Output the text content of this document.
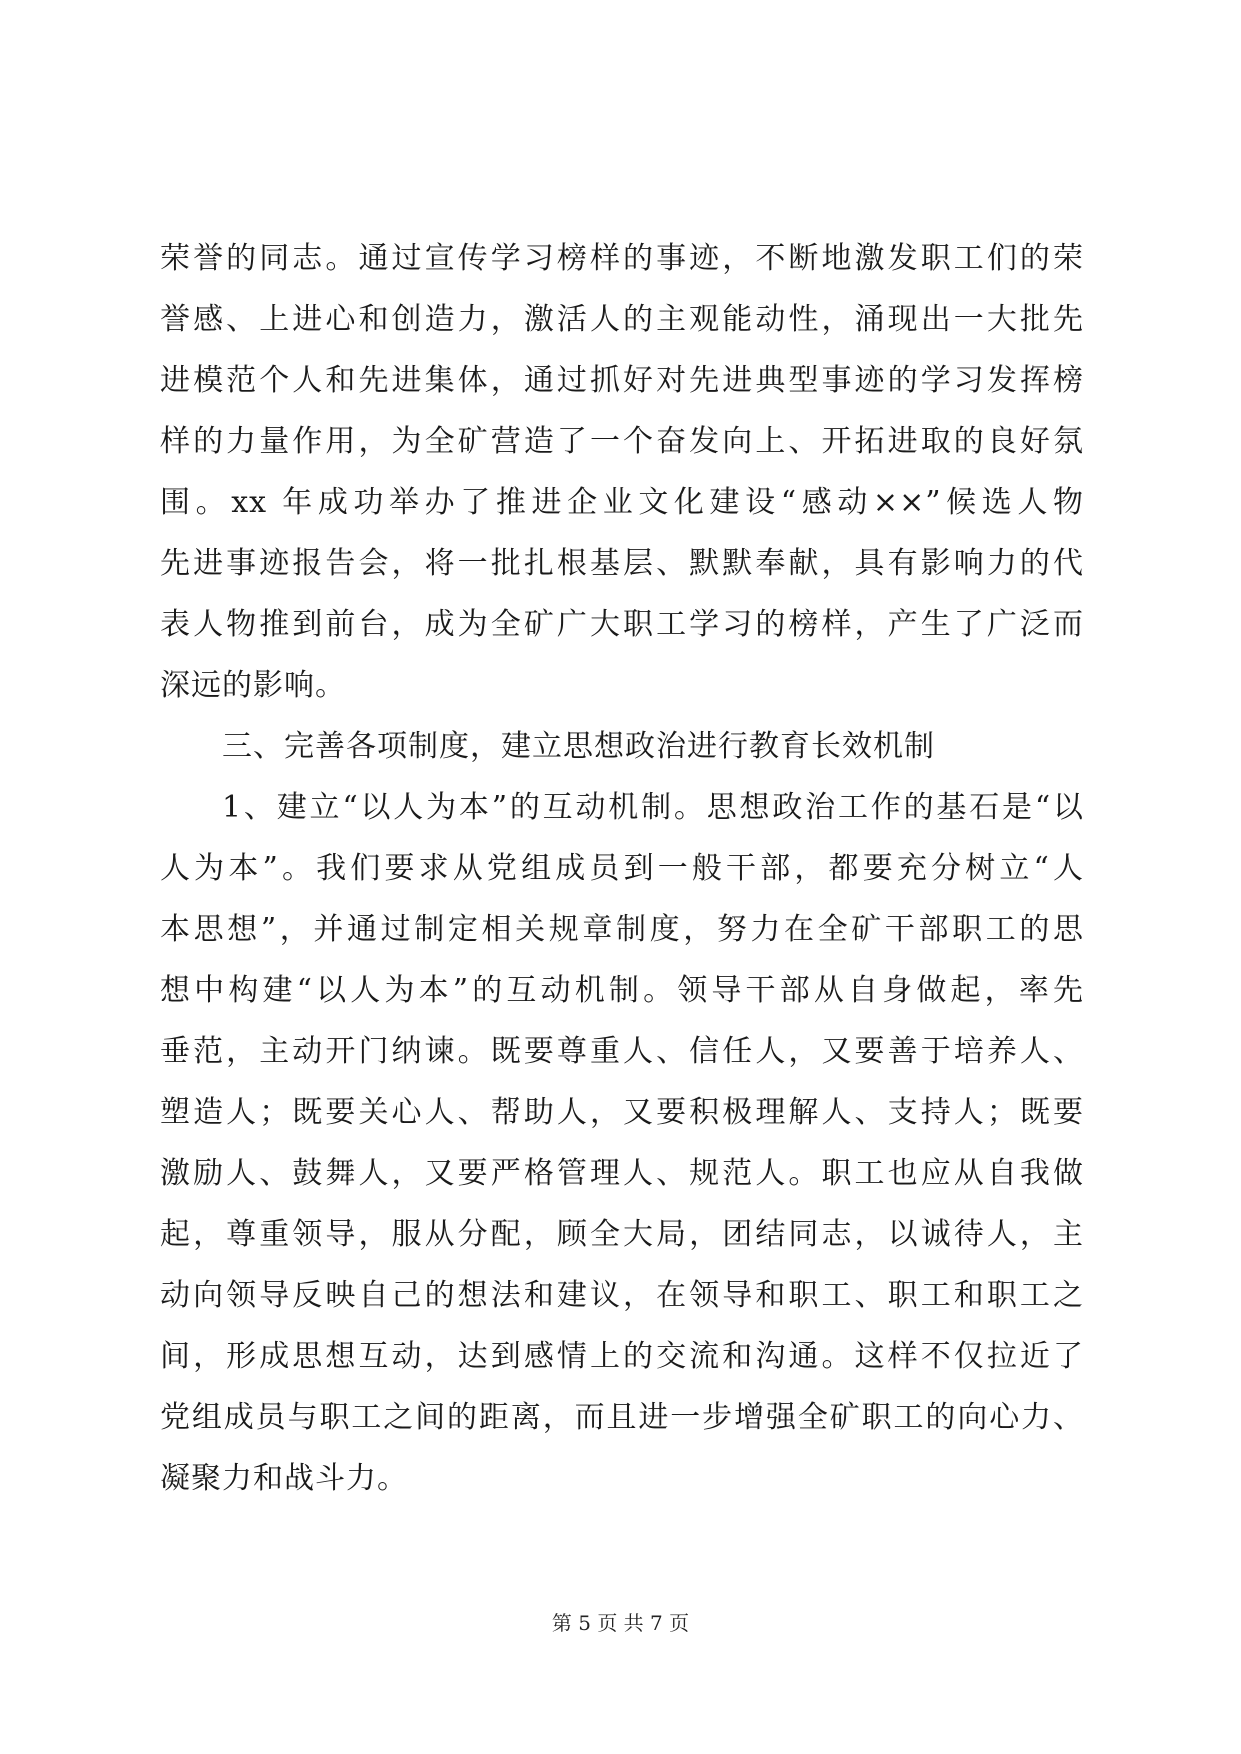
荣誉的同志。通过宣传学习榜样的事迹，不断地激发职工们的荣
誉感、上进心和创造力，激活人的主观能动性，涌现出一大批先
进模范个人和先进集体，通过抓好对先进典型事迹的学习发挥榜
样的力量作用，为全矿营造了一个奋发向上、开拓进取的良好氛
围。xx 年成功举办了推进企业文化建设“感动××”候选人物
先进事迹报告会，将一批扎根基层、默默奉献，具有影响力的代
表人物推到前台，成为全矿广大职工学习的榜样，产生了广泛而
深远的影响。
三、完善各项制度，建立思想政治进行教育长效机制
1、建立“以人为本”的互动机制。思想政治工作的基石是“以
人为本”。我们要求从党组成员到一般干部，都要充分树立“人
本思想”，并通过制定相关规章制度，努力在全矿干部职工的思
想中构建“以人为本”的互动机制。领导干部从自身做起，率先
垂范，主动开门纳谏。既要尊重人、信任人，又要善于培养人、
塑造人；既要关心人、帮助人，又要积极理解人、支持人；既要
激励人、鼓舞人，又要严格管理人、规范人。职工也应从自我做
起，尊重领导，服从分配，顾全大局，团结同志，以诚待人，主
动向领导反映自己的想法和建议，在领导和职工、职工和职工之
间，形成思想互动，达到感情上的交流和沟通。这样不仅拉近了
党组成员与职工之间的距离，而且进一步增强全矿职工的向心力、
凝聚力和战斗力。
第 5 页 共 7 页
